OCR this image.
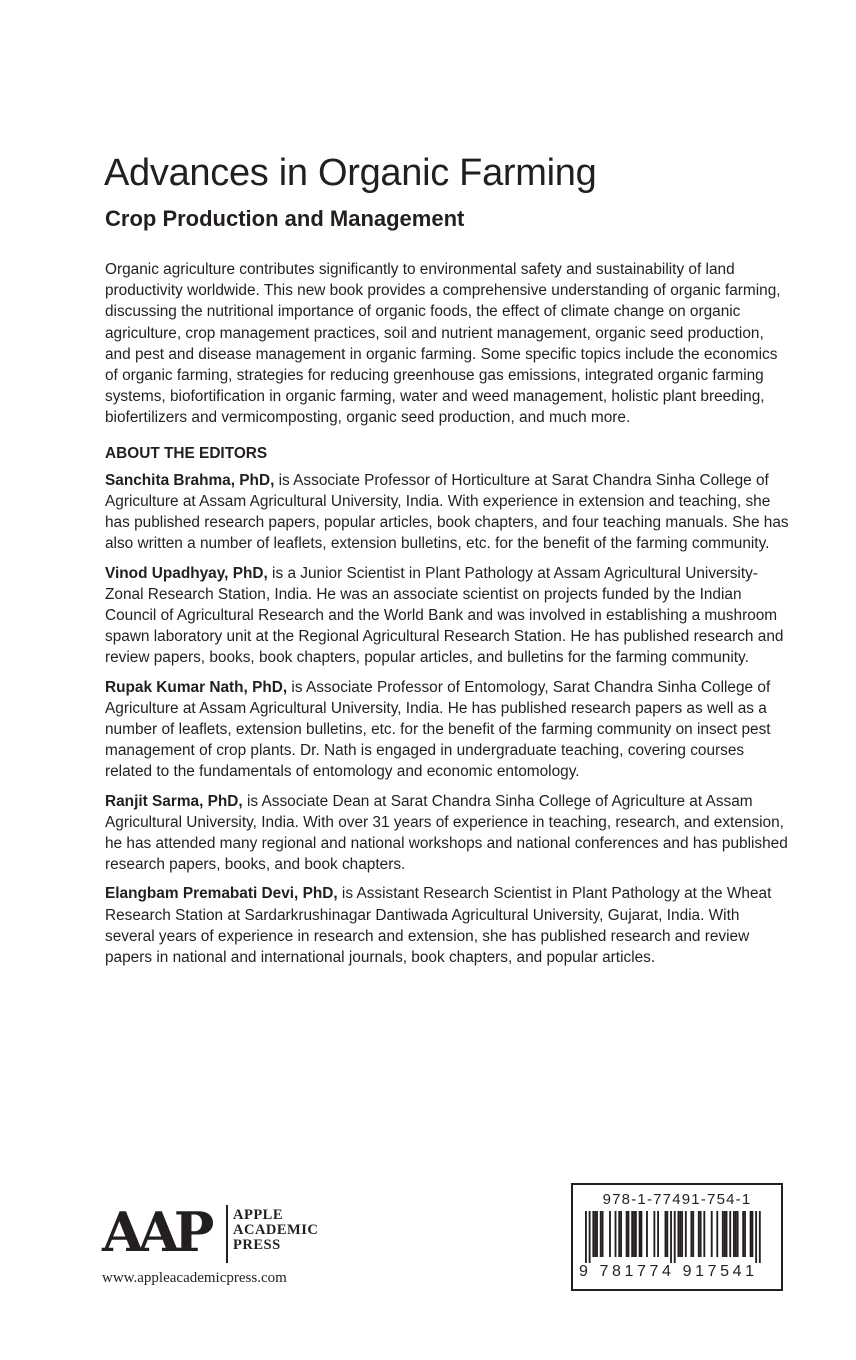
Advances in Organic Farming
Crop Production and Management

Organic agriculture contributes significantly to environmental safety and sustainability of land productivity worldwide. This new book provides a comprehensive understanding of organic farming, discussing the nutritional importance of organic foods, the effect of climate change on organic agriculture, crop management practices, soil and nutrient management, organic seed production, and pest and disease management in organic farming. Some specific topics include the economics of organic farming, strategies for reducing greenhouse gas emissions, integrated organic farming systems, biofortification in organic farming, water and weed management, holistic plant breeding, biofertilizers and vermicomposting, organic seed production, and much more.

ABOUT THE EDITORS

Sanchita Brahma, PhD, is Associate Professor of Horticulture at Sarat Chandra Sinha College of Agriculture at Assam Agricultural University, India. With experience in extension and teaching, she has published research papers, popular articles, book chapters, and four teaching manuals. She has also written a number of leaflets, extension bulletins, etc. for the benefit of the farming community.

Vinod Upadhyay, PhD, is a Junior Scientist in Plant Pathology at Assam Agricultural University-Zonal Research Station, India. He was an associate scientist on projects funded by the Indian Council of Agricultural Research and the World Bank and was involved in establishing a mushroom spawn laboratory unit at the Regional Agricultural Research Station. He has published research and review papers, books, book chapters, popular articles, and bulletins for the farming community.

Rupak Kumar Nath, PhD, is Associate Professor of Entomology, Sarat Chandra Sinha College of Agriculture at Assam Agricultural University, India. He has published research papers as well as a number of leaflets, extension bulletins, etc. for the benefit of the farming community on insect pest management of crop plants. Dr. Nath is engaged in undergraduate teaching, covering courses related to the fundamentals of entomology and economic entomology.

Ranjit Sarma, PhD, is Associate Dean at Sarat Chandra Sinha College of Agriculture at Assam Agricultural University, India. With over 31 years of experience in teaching, research, and extension, he has attended many regional and national workshops and national conferences and has published research papers, books, and book chapters.

Elangbam Premabati Devi, PhD, is Assistant Research Scientist in Plant Pathology at the Wheat Research Station at Sardarkrushinagar Dantiwada Agricultural University, Gujarat, India. With several years of experience in research and extension, she has published research and review papers in national and international journals, book chapters, and popular articles.

AAP APPLE
ACADEMIC
PRESS
www.appleacademicpress.com
978-1-77491-754-1
9 781774 917541
